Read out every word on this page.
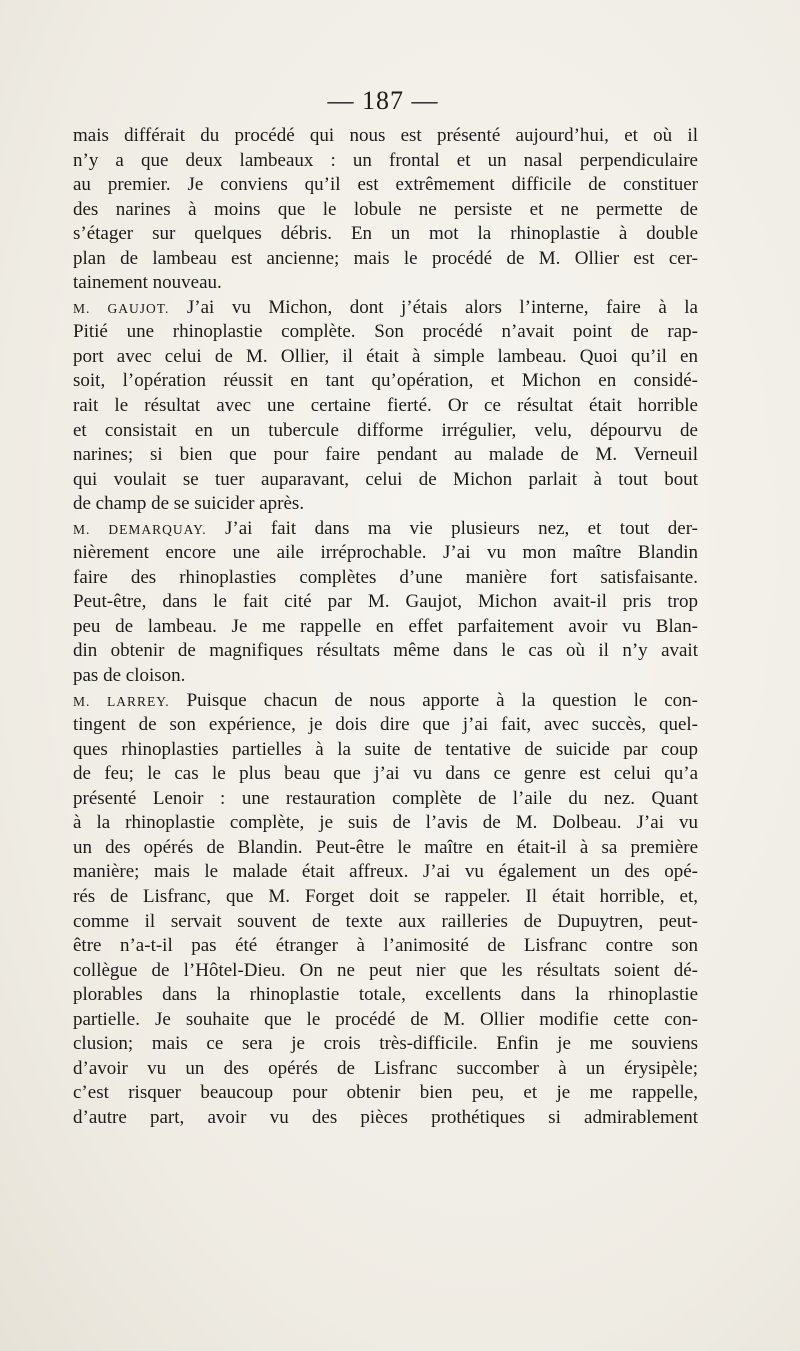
— 187 —
mais différait du procédé qui nous est présenté aujourd’hui, et où il
n’y a que deux lambeaux : un frontal et un nasal perpendiculaire
au premier. Je conviens qu’il est extrêmement difficile de constituer
des narines à moins que le lobule ne persiste et ne permette de
s’étager sur quelques débris. En un mot la rhinoplastie à double
plan de lambeau est ancienne; mais le procédé de M. Ollier est cer-
tainement nouveau.
M. GAUJOT. J’ai vu Michon, dont j’étais alors l’interne, faire à la
Pitié une rhinoplastie complète. Son procédé n’avait point de rap-
port avec celui de M. Ollier, il était à simple lambeau. Quoi qu’il en
soit, l’opération réussit en tant qu’opération, et Michon en considé-
rait le résultat avec une certaine fierté. Or ce résultat était horrible
et consistait en un tubercule difforme irrégulier, velu, dépourvu de
narines; si bien que pour faire pendant au malade de M. Verneuil
qui voulait se tuer auparavant, celui de Michon parlait à tout bout
de champ de se suicider après.
M. DEMARQUAY. J’ai fait dans ma vie plusieurs nez, et tout der-
nièrement encore une aile irréprochable. J’ai vu mon maître Blandin
faire des rhinoplasties complètes d’une manière fort satisfaisante.
Peut-être, dans le fait cité par M. Gaujot, Michon avait-il pris trop
peu de lambeau. Je me rappelle en effet parfaitement avoir vu Blan-
din obtenir de magnifiques résultats même dans le cas où il n’y avait
pas de cloison.
M. LARREY. Puisque chacun de nous apporte à la question le con-
tingent de son expérience, je dois dire que j’ai fait, avec succès, quel-
ques rhinoplasties partielles à la suite de tentative de suicide par coup
de feu; le cas le plus beau que j’ai vu dans ce genre est celui qu’a
présenté Lenoir : une restauration complète de l’aile du nez. Quant
à la rhinoplastie complète, je suis de l’avis de M. Dolbeau. J’ai vu
un des opérés de Blandin. Peut-être le maître en était-il à sa première
manière; mais le malade était affreux. J’ai vu également un des opé-
rés de Lisfranc, que M. Forget doit se rappeler. Il était horrible, et,
comme il servait souvent de texte aux railleries de Dupuytren, peut-
être n’a-t-il pas été étranger à l’animosité de Lisfranc contre son
collègue de l’Hôtel-Dieu. On ne peut nier que les résultats soient dé-
plorables dans la rhinoplastie totale, excellents dans la rhinoplastie
partielle. Je souhaite que le procédé de M. Ollier modifie cette con-
clusion; mais ce sera je crois très-difficile. Enfin je me souviens
d’avoir vu un des opérés de Lisfranc succomber à un érysipèle;
c’est risquer beaucoup pour obtenir bien peu, et je me rappelle,
d’autre part, avoir vu des pièces prothétiques si admirablement
